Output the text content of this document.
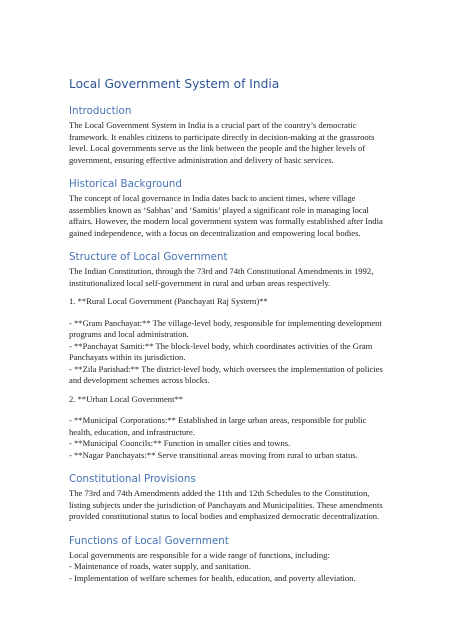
Local Government System of India
Introduction

The Local Government System in India is a crucial part of the country’s democratic
framework. It enables citizens to participate directly in decision-making at the grassroots
level. Local governments serve as the link between the people and the higher levels of
government, ensuring effective administration and delivery of basic services.

Historical Background

The concept of local governance in India dates back to ancient times, where village
assemblies known as ‘Sabhas’ and ‘Samitis’ played a significant role in managing local
affairs. However, the modern local government system was formally established after India
gained independence, with a focus on decentralization and empowering local bodies.

Structure of Local Government

The Indian Constitution, through the 73rd and 74th Constitutional Amendments in 1992,
institutionalized local self-government in rural and urban areas respectively.

1. **Rural Local Government (Panchayati Raj System)**

- **Gram Panchayat:** The village-level body, responsible for implementing development
programs and local administration.
- **Panchayat Samiti:** The block-level body, which coordinates activities of the Gram
Panchayats within its jurisdiction.
- **Zila Parishad:** The district-level body, which oversees the implementation of policies
and development schemes across blocks.

2. **Urban Local Government**

- **Municipal Corporations:** Established in large urban areas, responsible for public
health, education, and infrastructure.
- **Municipal Councils:** Function in smaller cities and towns.
- **Nagar Panchayats:** Serve transitional areas moving from rural to urban status.

Constitutional Provisions

The 73rd and 74th Amendments added the 11th and 12th Schedules to the Constitution,
listing subjects under the jurisdiction of Panchayats and Municipalities. These amendments
provided constitutional status to local bodies and emphasized democratic decentralization.

Functions of Local Government

Local governments are responsible for a wide range of functions, including:
- Maintenance of roads, water supply, and sanitation.
- Implementation of welfare schemes for health, education, and poverty alleviation.
